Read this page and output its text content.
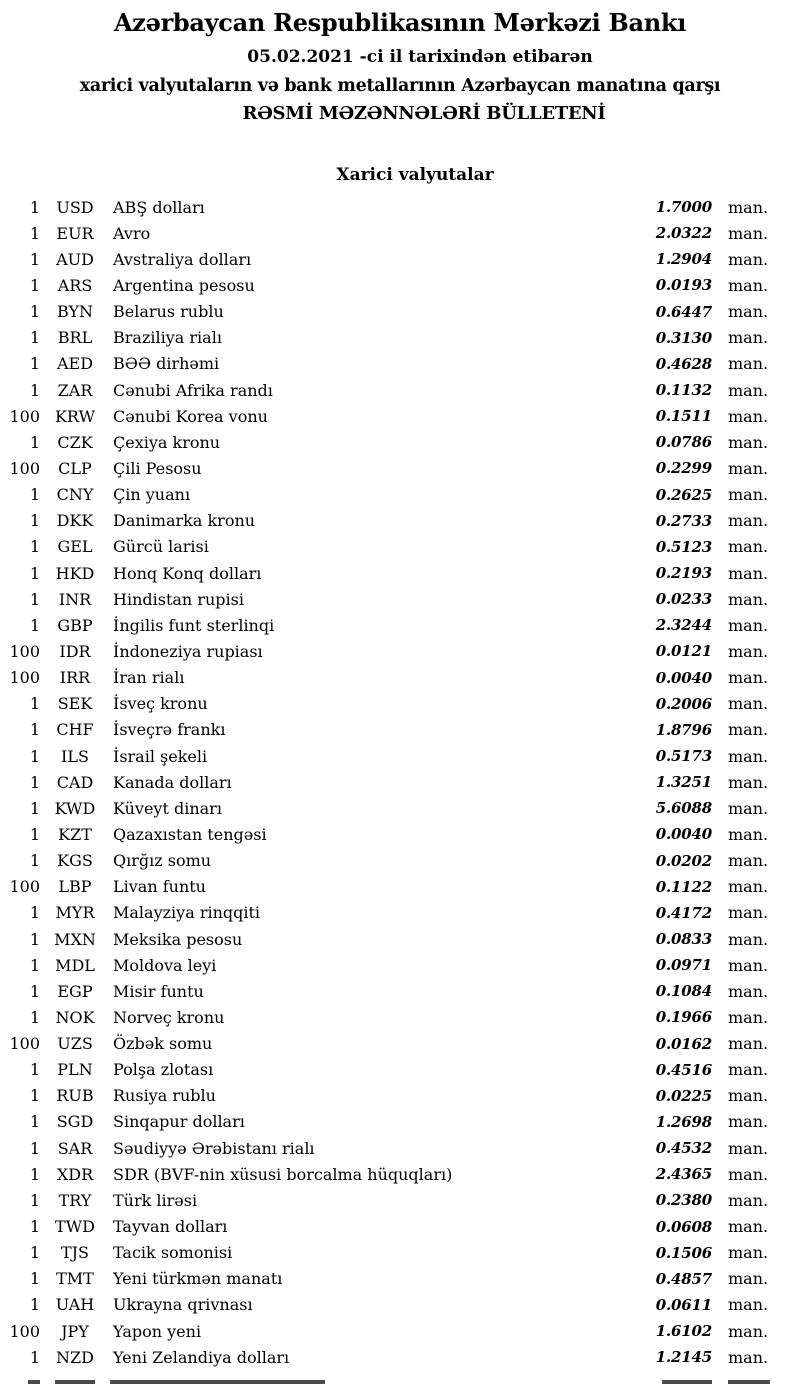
Azərbaycan Respublikasının Mərkəzi Bankı
05.02.2021 -ci il tarixindən etibarən
xarici valyutaların və bank metallarının Azərbaycan manatına qarşı
RƏSMİ MƏZƏNNƏLƏRİ BÜLLETENİ
Xarici valyutalar
1	USD	ABŞ dolları	1.7000	man.
1	EUR	Avro	2.0322	man.
1	AUD	Avstraliya dolları	1.2904	man.
1	ARS	Argentina pesosu	0.0193	man.
1	BYN	Belarus rublu	0.6447	man.
1	BRL	Braziliya rialı	0.3130	man.
1	AED	BƏƏ dirhəmi	0.4628	man.
1	ZAR	Cənubi Afrika randı	0.1132	man.
100 KRW	Cənubi Korea vonu	0.1511	man.
1	CZK	Çexiya kronu	0.0786	man.
100	CLP	Çili Pesosu	0.2299	man.
1	CNY	Çin yuanı	0.2625	man.
1	DKK	Danimarka kronu	0.2733	man.
1	GEL	Gürcü larisi	0.5123	man.
1 HKD	Honq Konq dolları	0.2193	man.
1	INR	Hindistan rupisi	0.0233	man.
1	GBP	İngilis funt sterlinqi	2.3244	man.
100	IDR	İndoneziya rupiası	0.0121	man.
100	IRR	İran rialı	0.0040	man.
1	SEK	İsveç kronu	0.2006	man.
1	CHF	İsveçrə frankı	1.8796	man.
1	ILS	İsrail şekeli	0.5173	man.
1	CAD	Kanada dolları	1.3251	man.
1 KWD	Küveyt dinarı	5.6088	man.
1	KZT	Qazaxıstan tengəsi	0.0040	man.
1	KGS	Qırğız somu	0.0202	man.
100	LBP	Livan funtu	0.1122	man.
1 MYR	Malayziya rinqqiti	0.4172	man.
1 MXN	Meksika pesosu	0.0833	man.
1 MDL	Moldova leyi	0.0971	man.
1	EGP	Misir funtu	0.1084	man.
1 NOK	Norveç kronu	0.1966	man.
100	UZS	Özbək somu	0.0162	man.
1	PLN	Polşa zlotası	0.4516	man.
1	RUB	Rusiya rublu	0.0225	man.
1	SGD	Sinqapur dolları	1.2698	man.
1	SAR	Səudiyyə Ərəbistanı rialı	0.4532	man.
1	XDR	SDR (BVF-nin xüsusi borcalma hüquqları)	2.4365	man.
1	TRY	Türk lirəsi	0.2380	man.
1 TWD	Tayvan dolları	0.0608	man.
1	TJS	Tacik somonisi	0.1506	man.
1	TMT	Yeni türkmən manatı	0.4857	man.
1 UAH	Ukrayna qrivnası	0.0611	man.
100	JPY	Yapon yeni	1.6102	man.
1	NZD	Yeni Zelandiya dolları	1.2145	man.
